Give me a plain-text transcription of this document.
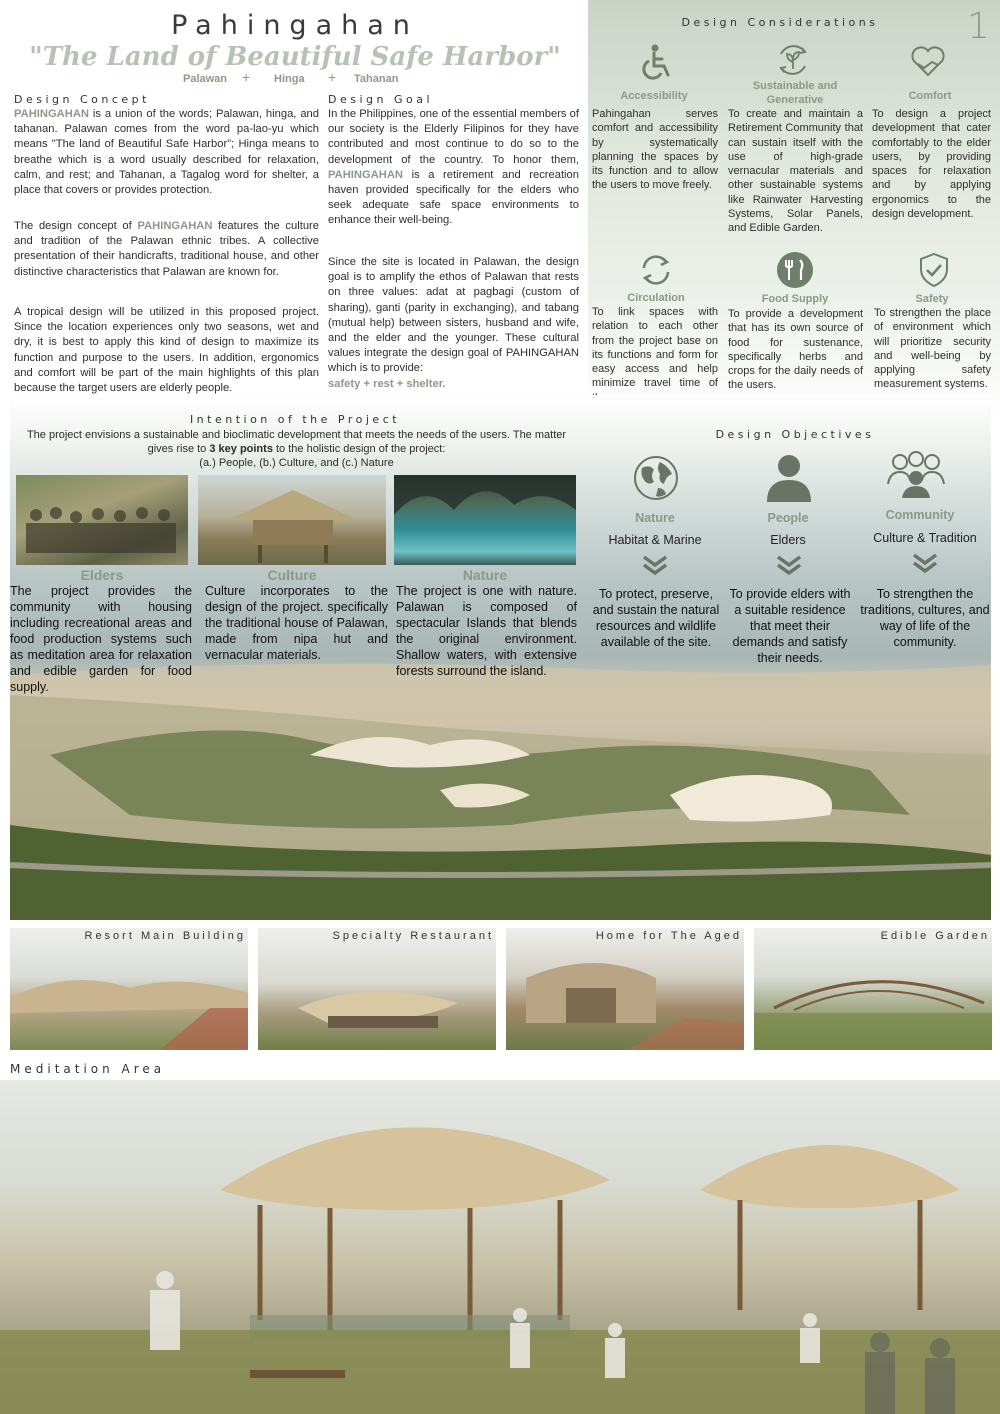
Pahingahan
"The Land of Beautiful Safe Harbor"
Palawan + Hinga + Tahanan
1
Design Considerations
Accessibility
Sustainable and Generative	Comfort
Pahingahan serves comfort and accessibility by systematically planning the spaces by its function and to allow the users to move freely.
To create and maintain a Retirement Community that can sustain itself with the use of high-grade vernacular materials and other sustainable systems like Rainwater Harvesting Systems, Solar Panels, and Edible Garden.
To design a project development that cater comfortably to the elder users, by providing spaces for relaxation and by applying ergonomics to the design development.
Circulation	Food Supply	Safety
To link spaces with relation to each other from the project base on its functions and form for easy access and help minimize travel time of
To provide a development that has its own source of food for sustenance, specifically herbs and crops for the daily needs of the users.
To strengthen the place of environment which will prioritize security and well-being by applying safety measurement systems.
Design Concept
PAHINGAHAN is a union of the words; Palawan, hinga, and tahanan. Palawan comes from the word pa-lao-yu which means "The land of Beautiful Safe Harbor"; Hinga means to breathe which is a word usually described for relaxation, calm, and rest; and Tahanan, a Tagalog word for shelter, a place that covers or provides protection.
The design concept of PAHINGAHAN features the culture and tradition of the Palawan ethnic tribes. A collective presentation of their handicrafts, traditional house, and other distinctive characteristics that Palawan are known for.
A tropical design will be utilized in this proposed project. Since the location experiences only two seasons, wet and dry, it is best to apply this kind of design to maximize its function and purpose to the users. In addition, ergonomics and comfort will be part of the main highlights of this plan because the target users are elderly people.
Design Goal
In the Philippines, one of the essential members of our society is the Elderly Filipinos for they have contributed and most continue to do so to the development of the country. To honor them, PAHINGAHAN is a retirement and recreation haven provided specifically for the elders who seek adequate safe space environments to enhance their well-being.
Since the site is located in Palawan, the design goal is to amplify the ethos of Palawan that rests on three values: adat at pagbagi (custom of sharing), ganti (parity in exchanging), and tabang (mutual help) between sisters, husband and wife, and the elder and the younger. These cultural values integrate the design goal of PAHINGAHAN which is to provide:
safety + rest + shelter.
Intention of the Project
The project envisions a sustainable and bioclimatic development that meets the needs of the users. The matter gives rise to 3 key points to the holistic design of the project:
(a.) People, (b.) Culture, and (c.) Nature
Elders	Culture	Nature
The project provides the community with housing including recreational areas and food production systems such as meditation area for relaxation and edible garden for food supply.
Culture incorporates to the design of the project. specifically the traditional house of Palawan, made from nipa hut and vernacular materials.
The project is one with nature. Palawan is composed of spectacular Islands that blends the original environment. Shallow waters, with extensive forests surround the island.
Design Objectives
Nature	People	Community
Habitat & Marine	Elders	Culture & Tradition
To protect, preserve, and sustain the natural resources and wildlife available of the site.
To provide elders with a suitable residence that meet their demands and satisfy their needs.
To strengthen the traditions, cultures, and way of life of the community.
Resort Main Building	Specialty Restaurant	Home for The Aged	Edible Garden
Meditation Area
